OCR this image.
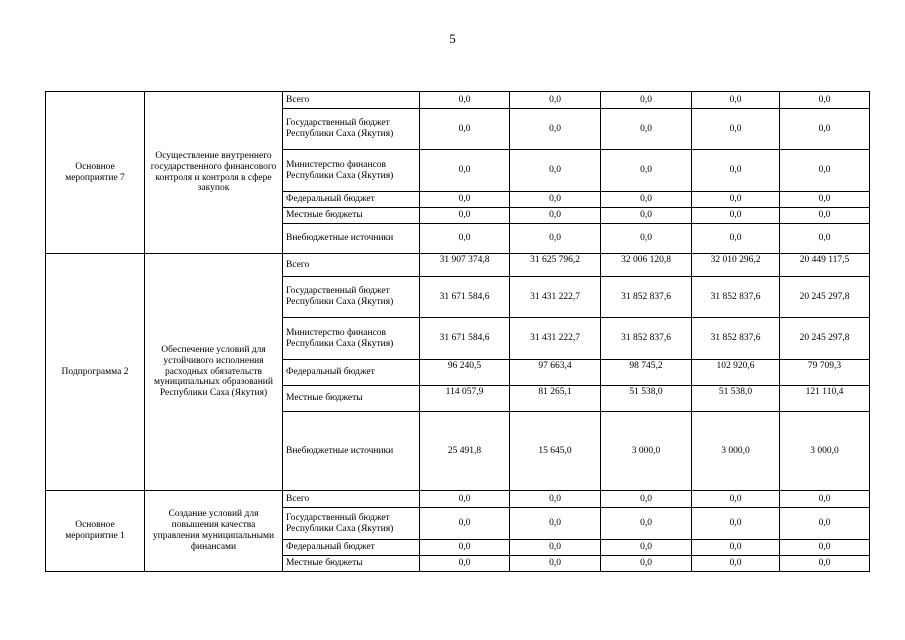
5
Основное мероприятие 7	Осуществление внутреннего государственного финансового контроля и контроля в сфере закупок	Всего	0,0	0,0	0,0	0,0	0,0
		Государственный бюджет Республики Саха (Якутия)	0,0	0,0	0,0	0,0	0,0
		Министерство финансов Республики Саха (Якутия)	0,0	0,0	0,0	0,0	0,0
		Федеральный бюджет	0,0	0,0	0,0	0,0	0,0
		Местные бюджеты	0,0	0,0	0,0	0,0	0,0
		Внебюджетные источники	0,0	0,0	0,0	0,0	0,0
Подпрограмма 2	Обеспечение условий для устойчивого исполнения расходных обязательств муниципальных образований Республики Саха (Якутия)	Всего	31 907 374,8	31 625 796,2	32 006 120,8	32 010 296,2	20 449 117,5
		Государственный бюджет Республики Саха (Якутия)	31 671 584,6	31 431 222,7	31 852 837,6	31 852 837,6	20 245 297,8
		Министерство финансов Республики Саха (Якутия)	31 671 584,6	31 431 222,7	31 852 837,6	31 852 837,6	20 245 297,8
		Федеральный бюджет	96 240,5	97 663,4	98 745,2	102 920,6	79 709,3
		Местные бюджеты	114 057,9	81 265,1	51 538,0	51 538,0	121 110,4
		Внебюджетные источники	25 491,8	15 645,0	3 000,0	3 000,0	3 000,0
Основное мероприятие 1	Создание условий для повышения качества управления муниципальными финансами	Всего	0,0	0,0	0,0	0,0	0,0
		Государственный бюджет Республики Саха (Якутия)	0,0	0,0	0,0	0,0	0,0
		Федеральный бюджет	0,0	0,0	0,0	0,0	0,0
		Местные бюджеты	0,0	0,0	0,0	0,0	0,0
